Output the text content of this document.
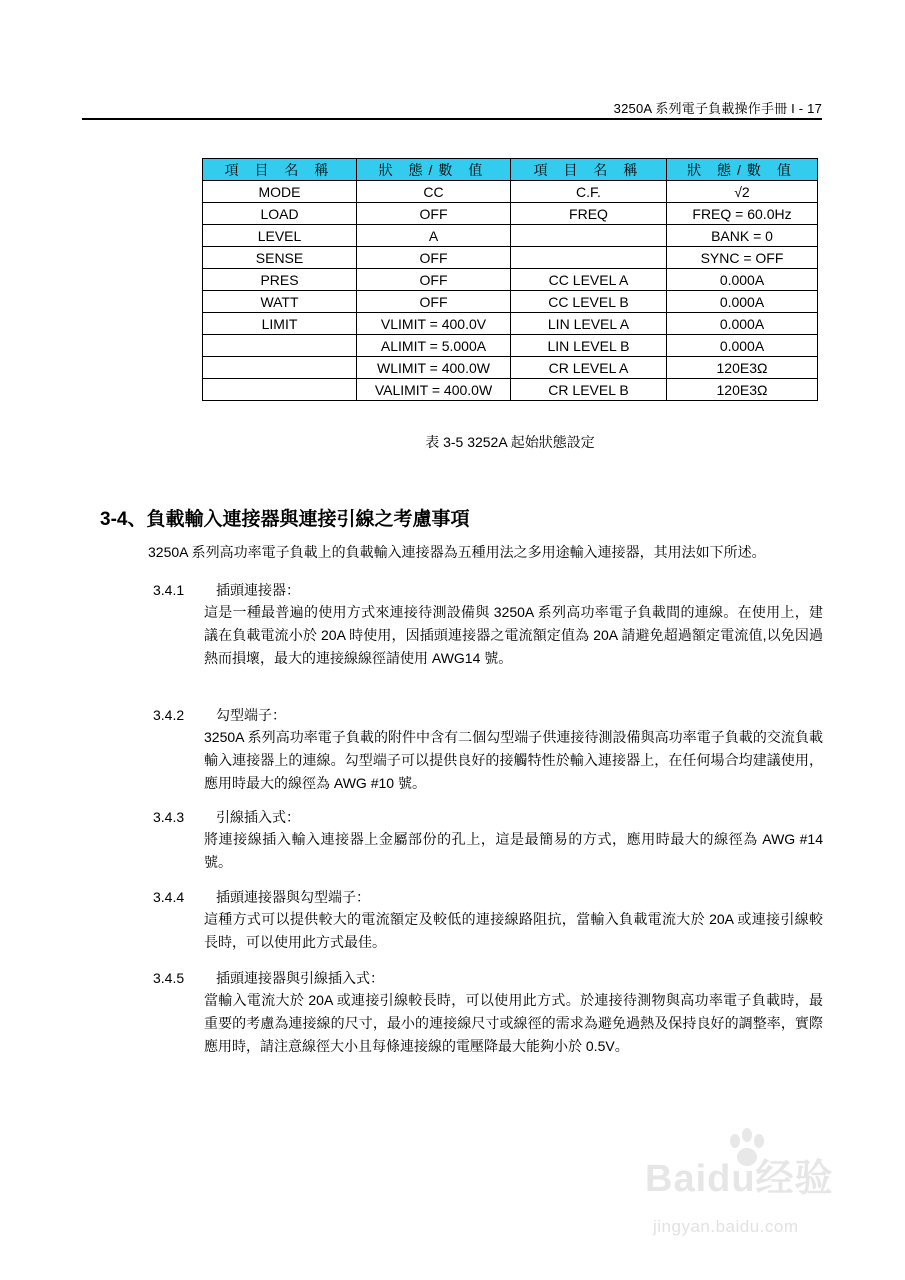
3250A 系列電子負載操作手冊 I - 17
項 目 名 稱	狀 態/數 值	項 目 名 稱	狀 態/數 值
MODE	CC	C.F.	√2
LOAD	OFF	FREQ	FREQ = 60.0Hz
LEVEL	A		BANK = 0
SENSE	OFF		SYNC = OFF
PRES	OFF	CC LEVEL A	0.000A
WATT	OFF	CC LEVEL B	0.000A
LIMIT	VLIMIT = 400.0V	LIN LEVEL A	0.000A
	ALIMIT = 5.000A	LIN LEVEL B	0.000A
	WLIMIT = 400.0W	CR LEVEL A	120E3Ω
	VALIMIT = 400.0W	CR LEVEL B	120E3Ω
表 3-5 3252A 起始狀態設定
3-4、負載輸入連接器與連接引線之考慮事項
3250A 系列高功率電子負載上的負載輸入連接器為五種用法之多用途輸入連接器，其用法如下所述。
3.4.1 插頭連接器：
這是一種最普遍的使用方式來連接待測設備與 3250A 系列高功率電子負載間的連線。在使用上，建議在負載電流小於 20A 時使用，因插頭連接器之電流額定值為 20A 請避免超過額定電流值,以免因過熱而損壞，最大的連接線線徑請使用 AWG14 號。
3.4.2 勾型端子：
3250A 系列高功率電子負載的附件中含有二個勾型端子供連接待測設備與高功率電子負載的交流負載輸入連接器上的連線。勾型端子可以提供良好的接觸特性於輸入連接器上，在任何場合均建議使用，應用時最大的線徑為 AWG #10 號。
3.4.3 引線插入式：
將連接線插入輸入連接器上金屬部份的孔上，這是最簡易的方式，應用時最大的線徑為 AWG #14 號。
3.4.4 插頭連接器與勾型端子：
這種方式可以提供較大的電流額定及較低的連接線路阻抗，當輸入負載電流大於 20A 或連接引線較長時，可以使用此方式最佳。
3.4.5 插頭連接器與引線插入式：
當輸入電流大於 20A 或連接引線較長時，可以使用此方式。於連接待測物與高功率電子負載時，最重要的考慮為連接線的尺寸，最小的連接線尺寸或線徑的需求為避免過熱及保持良好的調整率，實際應用時，請注意線徑大小且每條連接線的電壓降最大能夠小於 0.5V。
Baidu经验
jingyan.baidu.com
